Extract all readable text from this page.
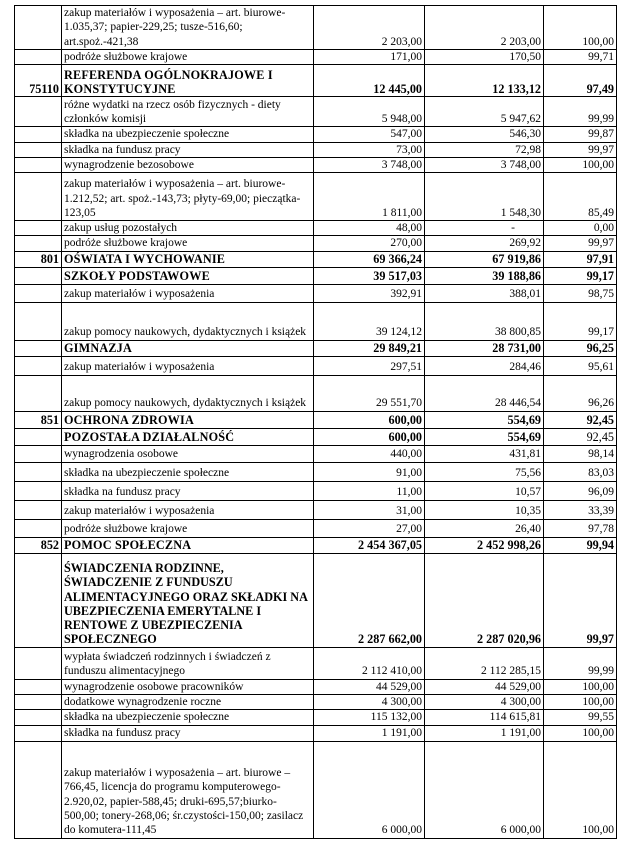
	zakup materiałów i wyposażenia – art. biurowe-1.035,37; papier-229,25; tusze-516,60; art.spoż.-421,38	2 203,00	2 203,00	100,00
	podróże służbowe krajowe	171,00	170,50	99,71
75110	REFERENDA OGÓLNOKRAJOWE I KONSTYTUCYJNE	12 445,00	12 133,12	97,49
	różne wydatki na rzecz osób fizycznych - diety członków komisji	5 948,00	5 947,62	99,99
	składka na ubezpieczenie społeczne	547,00	546,30	99,87
	składka na fundusz pracy	73,00	72,98	99,97
	wynagrodzenie bezosobowe	3 748,00	3 748,00	100,00
	zakup materiałów i wyposażenia – art. biurowe-1.212,52; art. spoż.-143,73; płyty-69,00; pieczątka-123,05	1 811,00	1 548,30	85,49
	zakup usług pozostałych	48,00	-	0,00
	podróże służbowe krajowe	270,00	269,92	99,97
801	OŚWIATA I WYCHOWANIE	69 366,24	67 919,86	97,91
	SZKOŁY PODSTAWOWE	39 517,03	39 188,86	99,17
	zakup materiałów i wyposażenia	392,91	388,01	98,75
	zakup pomocy naukowych, dydaktycznych i książek	39 124,12	38 800,85	99,17
	GIMNAZJA	29 849,21	28 731,00	96,25
	zakup materiałów i wyposażenia	297,51	284,46	95,61
	zakup pomocy naukowych, dydaktycznych i książek	29 551,70	28 446,54	96,26
851	OCHRONA ZDROWIA	600,00	554,69	92,45
	POZOSTAŁA DZIAŁALNOŚĆ	600,00	554,69	92,45
	wynagrodzenia osobowe	440,00	431,81	98,14
	składka na ubezpieczenie społeczne	91,00	75,56	83,03
	składka na fundusz pracy	11,00	10,57	96,09
	zakup materiałów i wyposażenia	31,00	10,35	33,39
	podróże służbowe krajowe	27,00	26,40	97,78
852	POMOC SPOŁECZNA	2 454 367,05	2 452 998,26	99,94
	ŚWIADCZENIA RODZINNE, ŚWIADCZENIE Z FUNDUSZU ALIMENTACYJNEGO ORAZ SKŁADKI NA UBEZPIECZENIA EMERYTALNE I RENTOWE Z UBEZPIECZENIA SPOŁECZNEGO	2 287 662,00	2 287 020,96	99,97
	wypłata świadczeń rodzinnych i świadczeń z funduszu alimentacyjnego	2 112 410,00	2 112 285,15	99,99
	wynagrodzenie osobowe pracowników	44 529,00	44 529,00	100,00
	dodatkowe wynagrodzenie roczne	4 300,00	4 300,00	100,00
	składka na ubezpieczenie społeczne	115 132,00	114 615,81	99,55
	składka na fundusz pracy	1 191,00	1 191,00	100,00
	zakup materiałów i wyposażenia – art. biurowe – 766,45, licencja do programu komputerowego-2.920,02, papier-588,45; druki-695,57;biurko-500,00; tonery-268,06; śr.czystości-150,00; zasilacz do komutera-111,45	6 000,00	6 000,00	100,00
